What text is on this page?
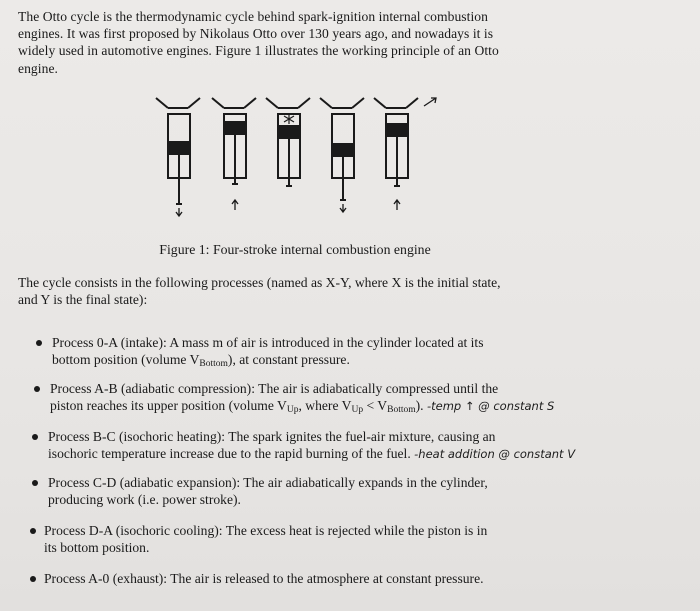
The Otto cycle is the thermodynamic cycle behind spark-ignition internal combustion
engines. It was first proposed by Nikolaus Otto over 130 years ago, and nowadays it is
widely used in automotive engines. Figure 1 illustrates the working principle of an Otto
engine.
Figure 1: Four-stroke internal combustion engine
The cycle consists in the following processes (named as X-Y, where X is the initial state,
and Y is the final state):
Process 0-A (intake): A mass m of air is introduced in the cylinder located at its
bottom position (volume $V_{Bottom}$), at constant pressure.
Process A-B (adiabatic compression): The air is adiabatically compressed until the
piston reaches its upper position (volume $V_{Up}$, where $V_{Up} < V_{Bottom}$). -temp ↑ @ constant S
Process B-C (isochoric heating): The spark ignites the fuel-air mixture, causing an
isochoric temperature increase due to the rapid burning of the fuel. -heat addition @ constant V
Process C-D (adiabatic expansion): The air adiabatically expands in the cylinder,
producing work (i.e. power stroke).
Process D-A (isochoric cooling): The excess heat is rejected while the piston is in
its bottom position.
Process A-0 (exhaust): The air is released to the atmosphere at constant pressure.
